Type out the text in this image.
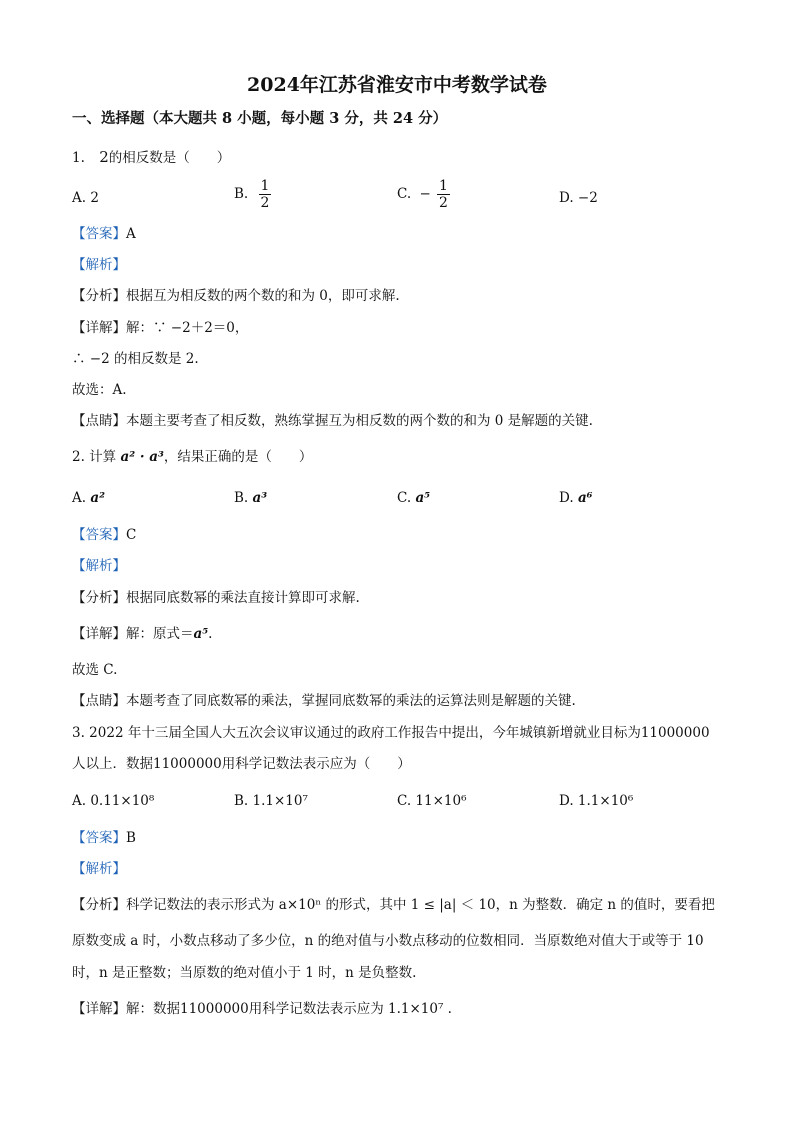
2024年江苏省淮安市中考数学试卷
一、选择题（本大题共 8 小题，每小题 3 分，共 24 分）
1. 2的相反数是（　　）
A. 2	B. $\frac{1}{2}$	C. − $\frac{1}{2}$	D. −2
【答案】A
【解析】
【分析】根据互为相反数的两个数的和为 0，即可求解.
【详解】解：∵ −2＋2＝0，
∴ −2 的相反数是 2.
故选：A.
【点睛】本题主要考查了相反数，熟练掌握互为相反数的两个数的和为 0 是解题的关键.
2. 计算 a² · a³，结果正确的是（　　）
A. a²	B. a³	C. a⁵	D. a⁶
【答案】C
【解析】
【分析】根据同底数幂的乘法直接计算即可求解.
【详解】解：原式＝a⁵.
故选 C.
【点睛】本题考查了同底数幂的乘法，掌握同底数幂的乘法的运算法则是解题的关键.
3. 2022 年十三届全国人大五次会议审议通过的政府工作报告中提出，今年城镇新增就业目标为11000000
人以上．数据11000000用科学记数法表示应为（　　）
A. 0.11×10⁸	B. 1.1×10⁷	C. 11×10⁶	D. 1.1×10⁶
【答案】B
【解析】
【分析】科学记数法的表示形式为 a×10ⁿ 的形式，其中 1 ≤ |a| ＜ 10，n 为整数．确定 n 的值时，要看把
原数变成 a 时，小数点移动了多少位，n 的绝对值与小数点移动的位数相同．当原数绝对值大于或等于 10
时，n 是正整数；当原数的绝对值小于 1 时，n 是负整数.
【详解】解：数据11000000用科学记数法表示应为 1.1×10⁷ .
